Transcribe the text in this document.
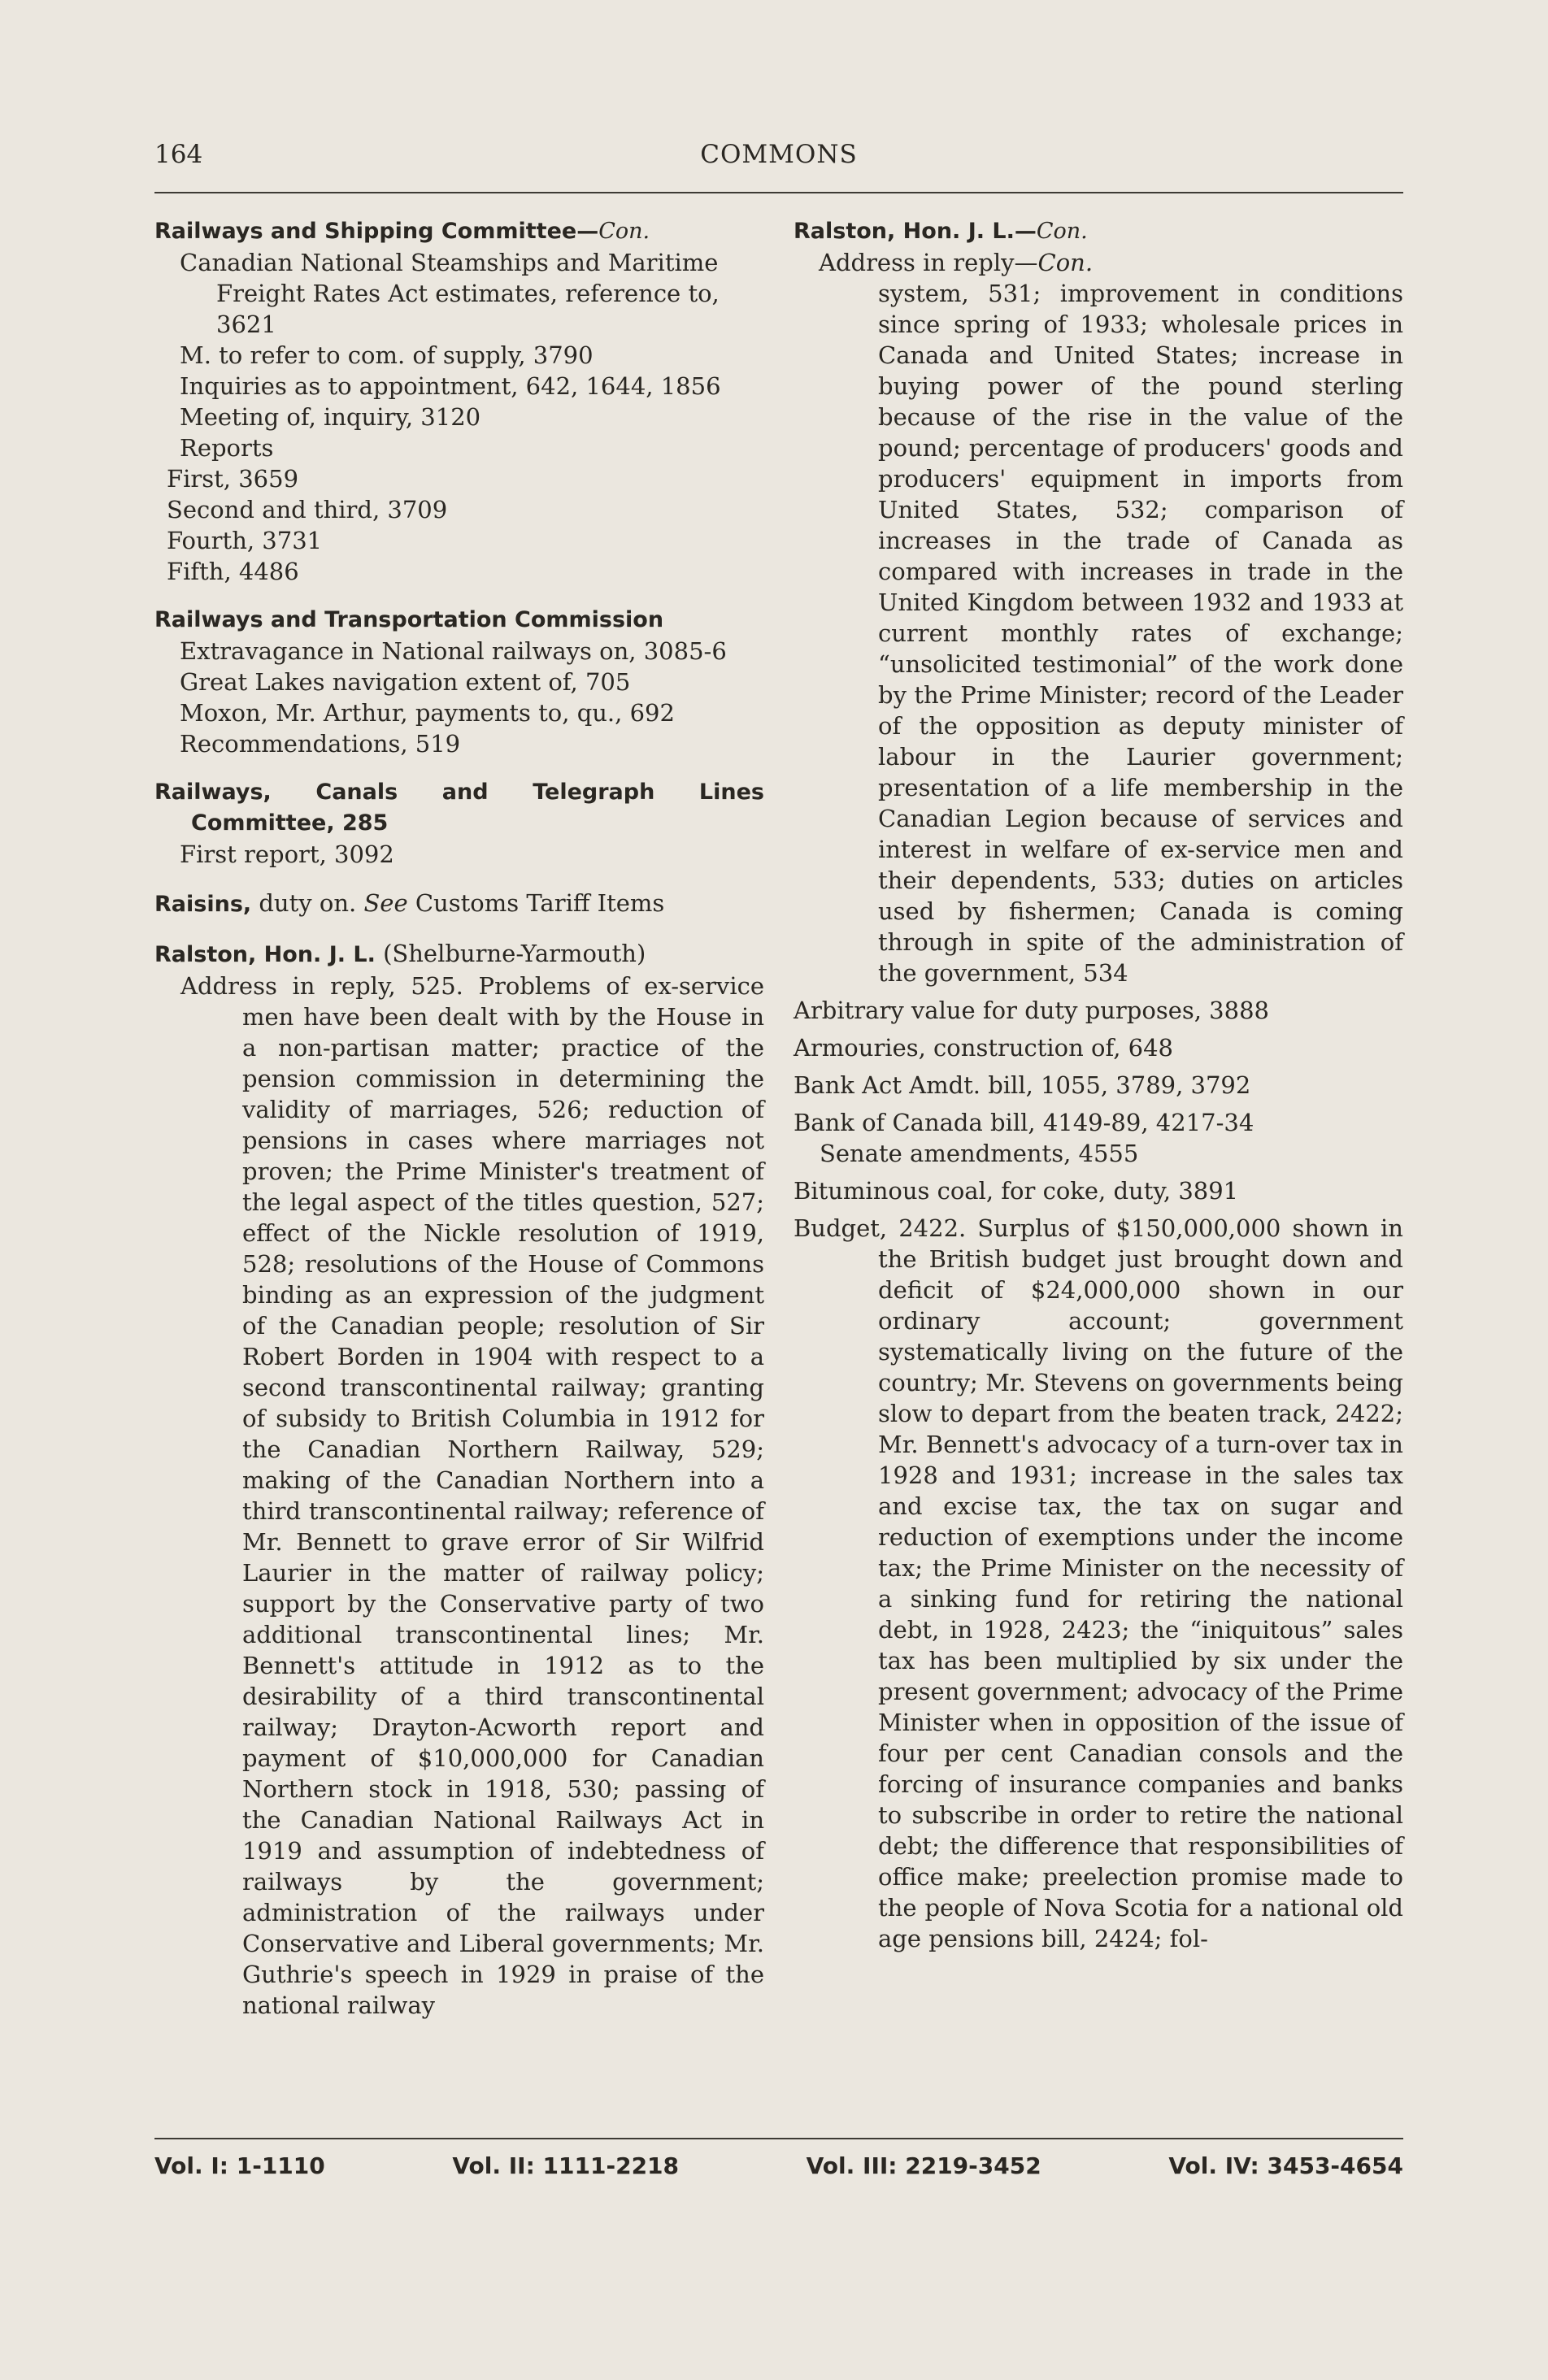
164	COMMONS
Railways and Shipping Committee—Con.
Canadian National Steamships and Maritime Freight Rates Act estimates, reference to, 3621
M. to refer to com. of supply, 3790
Inquiries as to appointment, 642, 1644, 1856
Meeting of, inquiry, 3120
Reports
First, 3659
Second and third, 3709
Fourth, 3731
Fifth, 4486
Railways and Transportation Commission
Extravagance in National railways on, 3085-6
Great Lakes navigation extent of, 705
Moxon, Mr. Arthur, payments to, qu., 692
Recommendations, 519
Railways, Canals and Telegraph Lines Committee, 285
First report, 3092
Raisins, duty on. See Customs Tariff Items
Ralston, Hon. J. L. (Shelburne-Yarmouth)
Address in reply, 525. Problems of ex-service men have been dealt with by the House in a non-partisan matter; practice of the pension commission in determining the validity of marriages, 526; reduction of pensions in cases where marriages not proven; the Prime Minister's treatment of the legal aspect of the titles question, 527; effect of the Nickle resolution of 1919, 528; resolutions of the House of Commons binding as an expression of the judgment of the Canadian people; resolution of Sir Robert Borden in 1904 with respect to a second transcontinental railway; granting of subsidy to British Columbia in 1912 for the Canadian Northern Railway, 529; making of the Canadian Northern into a third transcontinental railway; reference of Mr. Bennett to grave error of Sir Wilfrid Laurier in the matter of railway policy; support by the Conservative party of two additional transcontinental lines; Mr. Bennett's attitude in 1912 as to the desirability of a third transcontinental railway; Drayton-Acworth report and payment of $10,000,000 for Canadian Northern stock in 1918, 530; passing of the Canadian National Railways Act in 1919 and assumption of indebtedness of railways by the government; administration of the railways under Conservative and Liberal governments; Mr. Guthrie's speech in 1929 in praise of the national railway
Ralston, Hon. J. L.—Con.
Address in reply—Con.
system, 531; improvement in conditions since spring of 1933; wholesale prices in Canada and United States; increase in buying power of the pound sterling because of the rise in the value of the pound; percentage of producers' goods and producers' equipment in imports from United States, 532; comparison of increases in the trade of Canada as compared with increases in trade in the United Kingdom between 1932 and 1933 at current monthly rates of exchange; “unsolicited testimonial” of the work done by the Prime Minister; record of the Leader of the opposition as deputy minister of labour in the Laurier government; presentation of a life membership in the Canadian Legion because of services and interest in welfare of ex-service men and their dependents, 533; duties on articles used by fishermen; Canada is coming through in spite of the administration of the government, 534
Arbitrary value for duty purposes, 3888
Armouries, construction of, 648
Bank Act Amdt. bill, 1055, 3789, 3792
Bank of Canada bill, 4149-89, 4217-34
Senate amendments, 4555
Bituminous coal, for coke, duty, 3891
Budget, 2422. Surplus of $150,000,000 shown in the British budget just brought down and deficit of $24,000,000 shown in our ordinary account; government systematically living on the future of the country; Mr. Stevens on governments being slow to depart from the beaten track, 2422; Mr. Bennett's advocacy of a turn-over tax in 1928 and 1931; increase in the sales tax and excise tax, the tax on sugar and reduction of exemptions under the income tax; the Prime Minister on the necessity of a sinking fund for retiring the national debt, in 1928, 2423; the “iniquitous” sales tax has been multiplied by six under the present government; advocacy of the Prime Minister when in opposition of the issue of four per cent Canadian consols and the forcing of insurance companies and banks to subscribe in order to retire the national debt; the difference that responsibilities of office make; preelection promise made to the people of Nova Scotia for a national old age pensions bill, 2424; fol-
Vol. I: 1-1110	Vol. II: 1111-2218	Vol. III: 2219-3452	Vol. IV: 3453-4654
